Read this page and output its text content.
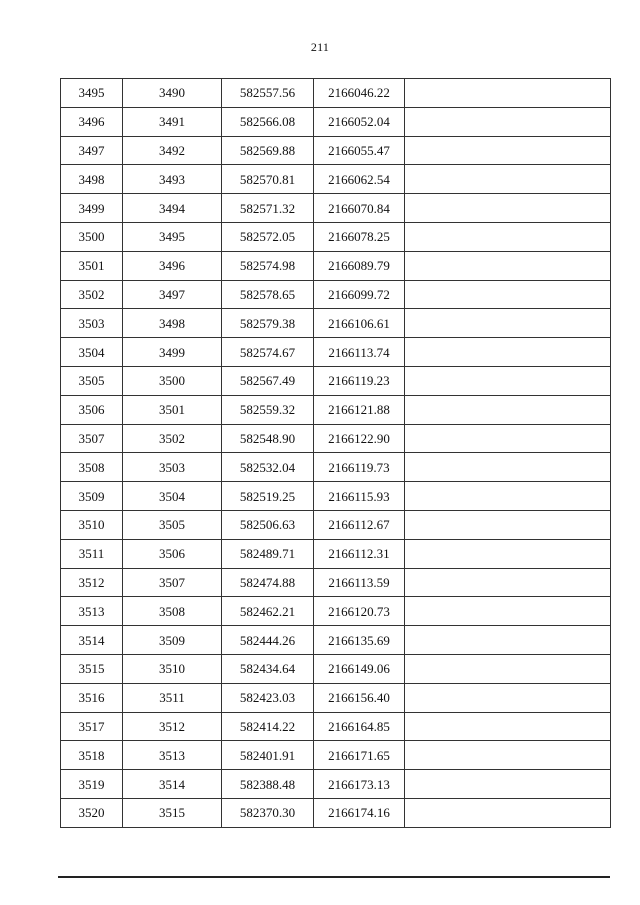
211
3495	3490	582557.56	2166046.22	
3496	3491	582566.08	2166052.04	
3497	3492	582569.88	2166055.47	
3498	3493	582570.81	2166062.54	
3499	3494	582571.32	2166070.84	
3500	3495	582572.05	2166078.25	
3501	3496	582574.98	2166089.79	
3502	3497	582578.65	2166099.72	
3503	3498	582579.38	2166106.61	
3504	3499	582574.67	2166113.74	
3505	3500	582567.49	2166119.23	
3506	3501	582559.32	2166121.88	
3507	3502	582548.90	2166122.90	
3508	3503	582532.04	2166119.73	
3509	3504	582519.25	2166115.93	
3510	3505	582506.63	2166112.67	
3511	3506	582489.71	2166112.31	
3512	3507	582474.88	2166113.59	
3513	3508	582462.21	2166120.73	
3514	3509	582444.26	2166135.69	
3515	3510	582434.64	2166149.06	
3516	3511	582423.03	2166156.40	
3517	3512	582414.22	2166164.85	
3518	3513	582401.91	2166171.65	
3519	3514	582388.48	2166173.13	
3520	3515	582370.30	2166174.16	
